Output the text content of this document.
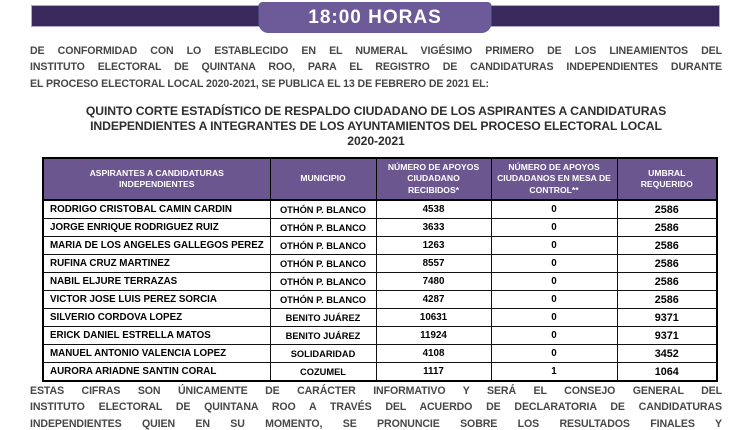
18:00 HORAS
DE CONFORMIDAD CON LO ESTABLECIDO EN EL NUMERAL VIGÉSIMO PRIMERO DE LOS LINEAMIENTOS DEL
INSTITUTO ELECTORAL DE QUINTANA ROO, PARA EL REGISTRO DE CANDIDATURAS INDEPENDIENTES DURANTE
EL PROCESO ELECTORAL LOCAL 2020-2021, SE PUBLICA EL 13 DE FEBRERO DE 2021 EL:
QUINTO CORTE ESTADÍSTICO DE RESPALDO CIUDADANO DE LOS ASPIRANTES A CANDIDATURAS
INDEPENDIENTES A INTEGRANTES DE LOS AYUNTAMIENTOS DEL PROCESO ELECTORAL LOCAL
2020-2021
ASPIRANTES A CANDIDATURAS INDEPENDIENTES	MUNICIPIO	NÚMERO DE APOYOS CIUDADANO RECIBIDOS*	NÚMERO DE APOYOS CIUDADANOS EN MESA DE CONTROL**	UMBRAL REQUERIDO
RODRIGO CRISTOBAL CAMIN CARDIN	OTHÓN P. BLANCO	4538	0	2586
JORGE ENRIQUE RODRIGUEZ RUIZ	OTHÓN P. BLANCO	3633	0	2586
MARIA DE LOS ANGELES GALLEGOS PEREZ	OTHÓN P. BLANCO	1263	0	2586
RUFINA CRUZ MARTINEZ	OTHÓN P. BLANCO	8557	0	2586
NABIL ELJURE TERRAZAS	OTHÓN P. BLANCO	7480	0	2586
VICTOR JOSE LUIS PEREZ SORCIA	OTHÓN P. BLANCO	4287	0	2586
SILVERIO CORDOVA LOPEZ	BENITO JUÁREZ	10631	0	9371
ERICK DANIEL ESTRELLA MATOS	BENITO JUÁREZ	11924	0	9371
MANUEL ANTONIO VALENCIA LOPEZ	SOLIDARIDAD	4108	0	3452
AURORA ARIADNE SANTIN CORAL	COZUMEL	1117	1	1064
ESTAS CIFRAS SON ÚNICAMENTE DE CARÁCTER INFORMATIVO Y SERÁ EL CONSEJO GENERAL DEL
INSTITUTO ELECTORAL DE QUINTANA ROO A TRAVÉS DEL ACUERDO DE DECLARATORIA DE CANDIDATURAS
INDEPENDIENTES QUIEN EN SU MOMENTO, SE PRONUNCIE SOBRE LOS RESULTADOS FINALES Y
